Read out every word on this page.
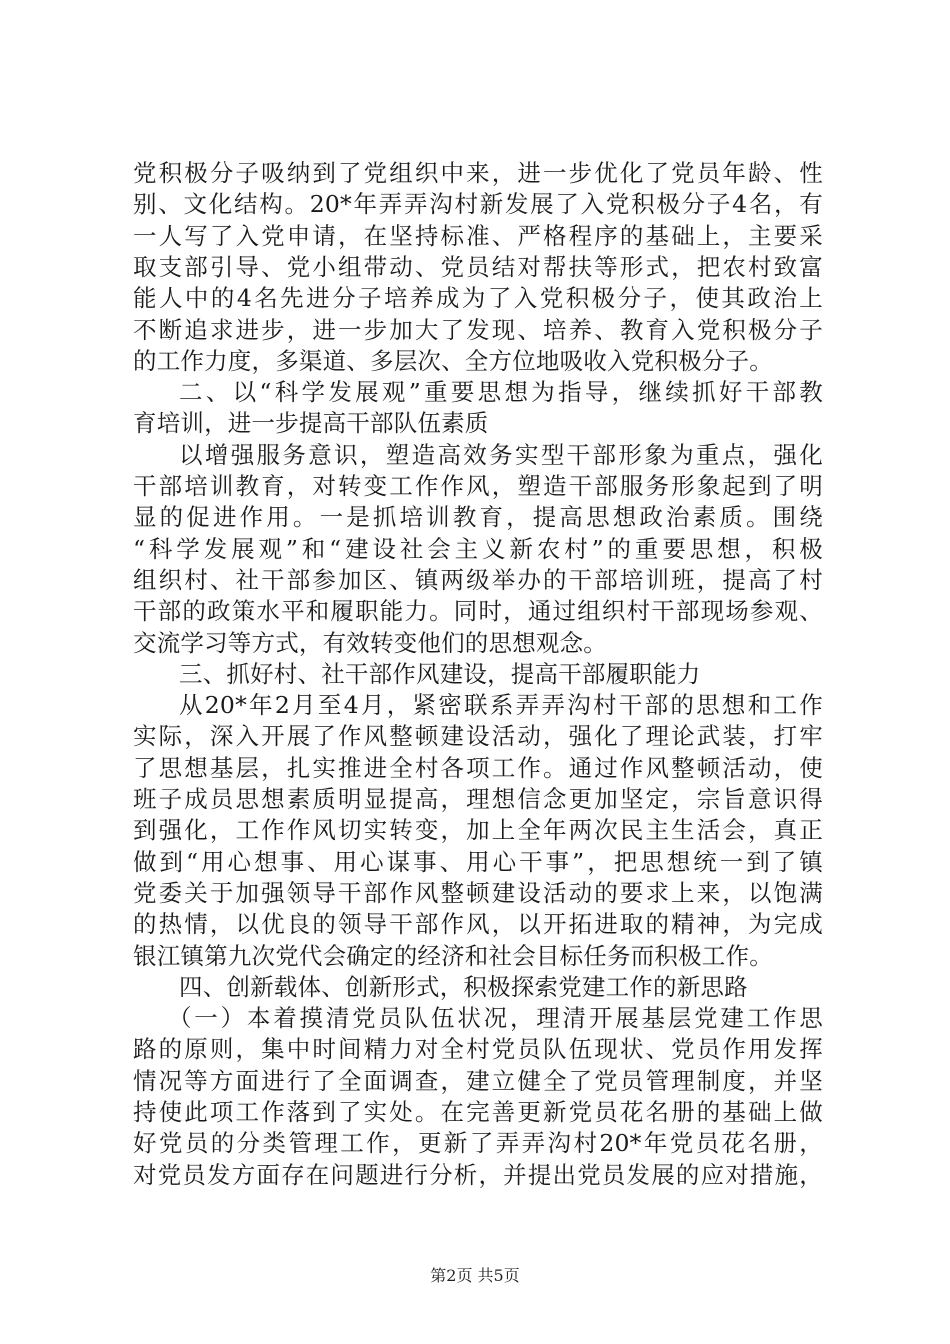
党积极分子吸纳到了党组织中来，进一步优化了党员年龄、性
别、文化结构。20*年弄弄沟村新发展了入党积极分子4名，有
一人写了入党申请，在坚持标准、严格程序的基础上，主要采
取支部引导、党小组带动、党员结对帮扶等形式，把农村致富
能人中的4名先进分子培养成为了入党积极分子，使其政治上
不断追求进步，进一步加大了发现、培养、教育入党积极分子
的工作力度，多渠道、多层次、全方位地吸收入党积极分子。
二、以“科学发展观”重要思想为指导，继续抓好干部教
育培训，进一步提高干部队伍素质
以增强服务意识，塑造高效务实型干部形象为重点，强化
干部培训教育，对转变工作作风，塑造干部服务形象起到了明
显的促进作用。一是抓培训教育，提高思想政治素质。围绕
“科学发展观”和“建设社会主义新农村”的重要思想，积极
组织村、社干部参加区、镇两级举办的干部培训班，提高了村
干部的政策水平和履职能力。同时，通过组织村干部现场参观、
交流学习等方式，有效转变他们的思想观念。
三、抓好村、社干部作风建设，提高干部履职能力
从20*年2月至4月，紧密联系弄弄沟村干部的思想和工作
实际，深入开展了作风整顿建设活动，强化了理论武装，打牢
了思想基层，扎实推进全村各项工作。通过作风整顿活动，使
班子成员思想素质明显提高，理想信念更加坚定，宗旨意识得
到强化，工作作风切实转变，加上全年两次民主生活会，真正
做到“用心想事、用心谋事、用心干事”，把思想统一到了镇
党委关于加强领导干部作风整顿建设活动的要求上来，以饱满
的热情，以优良的领导干部作风，以开拓进取的精神，为完成
银江镇第九次党代会确定的经济和社会目标任务而积极工作。
四、创新载体、创新形式，积极探索党建工作的新思路
（一）本着摸清党员队伍状况，理清开展基层党建工作思
路的原则，集中时间精力对全村党员队伍现状、党员作用发挥
情况等方面进行了全面调查，建立健全了党员管理制度，并坚
持使此项工作落到了实处。在完善更新党员花名册的基础上做
好党员的分类管理工作，更新了弄弄沟村20*年党员花名册，
对党员发方面存在问题进行分析，并提出党员发展的应对措施，
第2页 共5页
